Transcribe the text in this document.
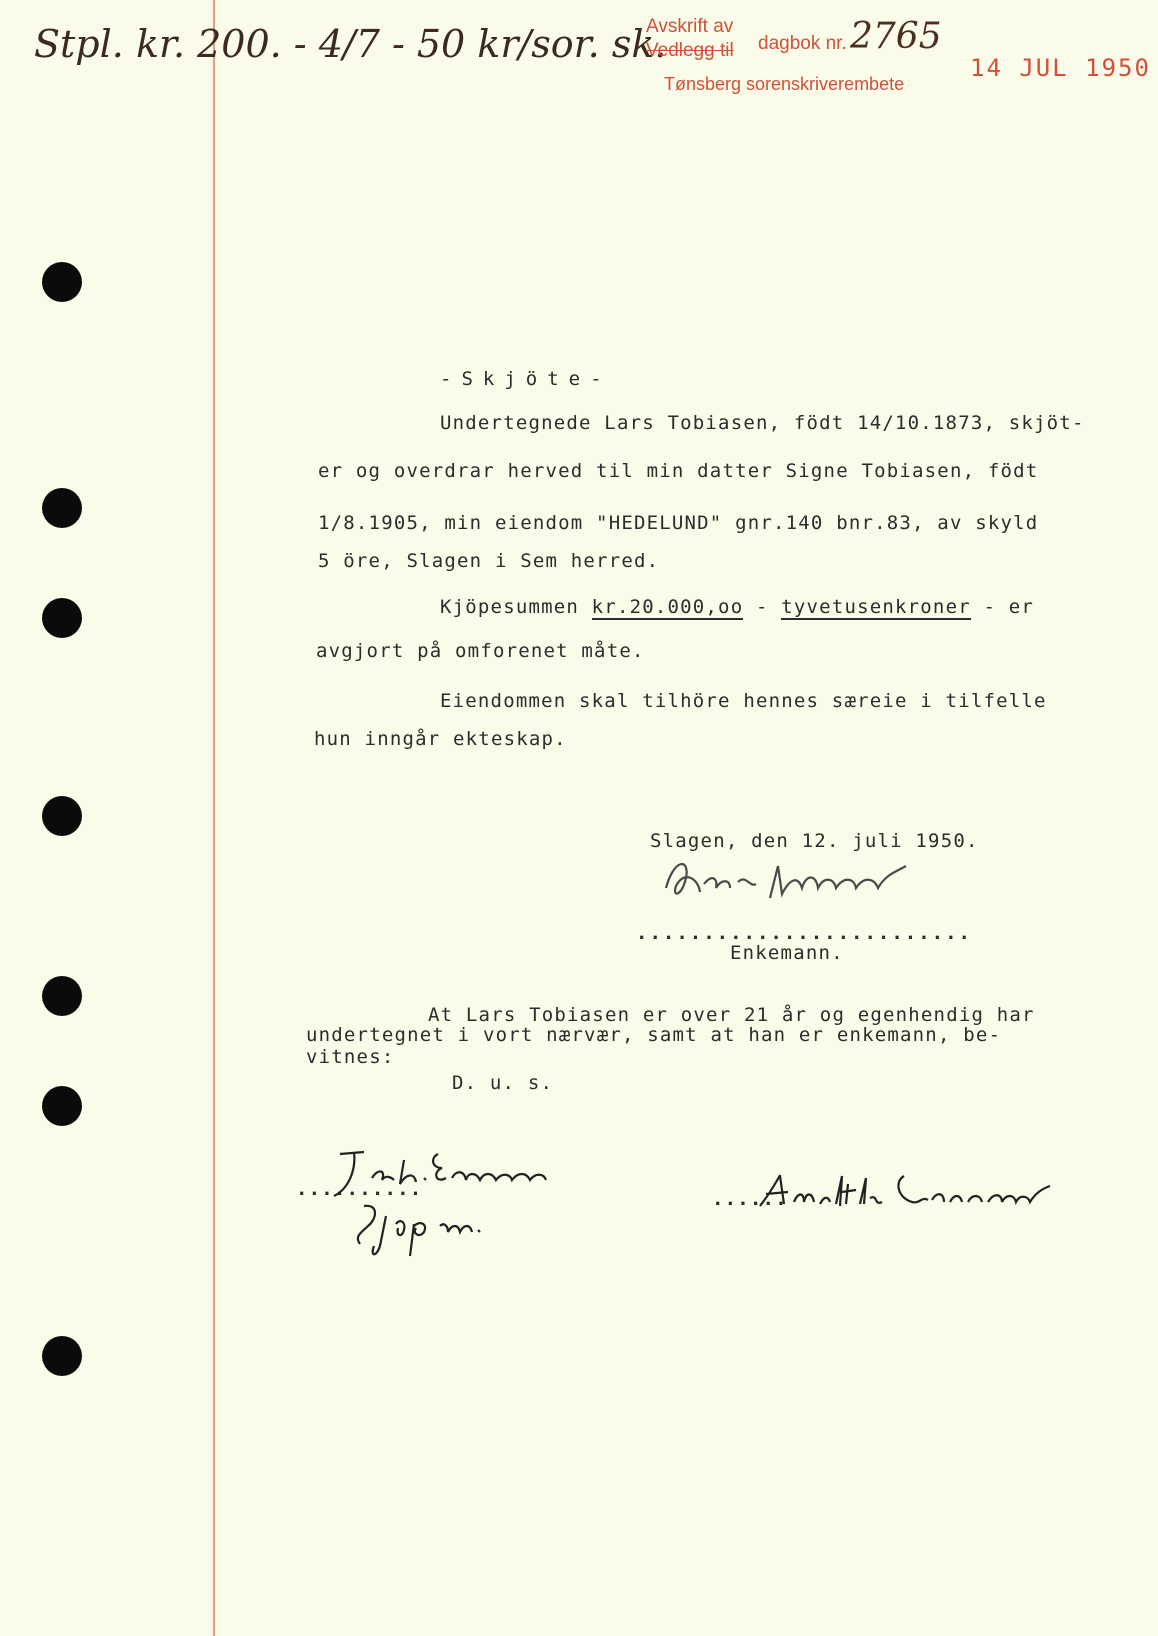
Stpl. kr. 200. - 4/7 - 50 kr/sor. sk.
Avskrift av
Vedlegg til dagbok nr. 2765
Tønsberg sorenskriverembete
14 JUL 1950
-Skjöte-
Undertegnede Lars Tobiasen, födt 14/10.1873, skjöt-
er og overdrar herved til min datter Signe Tobiasen, födt
1/8.1905, min eiendom "HEDELUND" gnr.140 bnr.83, av skyld
5 öre, Slagen i Sem herred.
Kjöpesummen kr.20.000,oo - tyvetusenkroner - er
avgjort på omforenet måte.
Eiendommen skal tilhöre hennes særeie i tilfelle
hun inngår ekteskap.
Slagen, den 12. juli 1950.
.........................
Enkemann.
At Lars Tobiasen er over 21 år og egenhendig har
undertegnet i vort nærvær, samt at han er enkemann, be-
vitnes:
D. u. s.
..........	......
